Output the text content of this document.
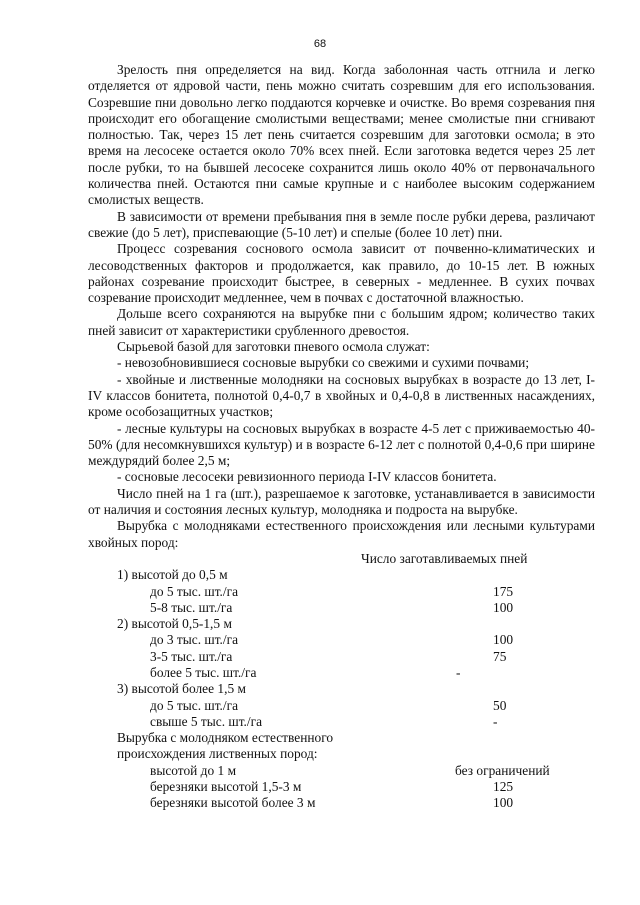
68

Зрелость пня определяется на вид. Когда заболонная часть отгнила и легко отделяется от ядровой части, пень можно считать созревшим для его использования. Созревшие пни довольно легко поддаются корчевке и очистке. Во время созревания пня происходит его обогащение смолистыми веществами; менее смолистые пни сгнивают полностью. Так, через 15 лет пень считается созревшим для заготовки осмола; в это время на лесосеке остается около 70% всех пней. Если заготовка ведется через 25 лет после рубки, то на бывшей лесосеке сохранится лишь около 40% от первоначального количества пней. Остаются пни самые крупные и с наиболее высоким содержанием смолистых веществ.

В зависимости от времени пребывания пня в земле после рубки дерева, различают свежие (до 5 лет), приспевающие (5-10 лет) и спелые (более 10 лет) пни.

Процесс созревания соснового осмола зависит от почвенно-климатических и лесоводственных факторов и продолжается, как правило, до 10-15 лет. В южных районах созревание происходит быстрее, в северных - медленнее. В сухих почвах созревание происходит медленнее, чем в почвах с достаточной влажностью.

Дольше всего сохраняются на вырубке пни с большим ядром; количество таких пней зависит от характеристики срубленного древостоя.

Сырьевой базой для заготовки пневого осмола служат:

- невозобновившиеся сосновые вырубки со свежими и сухими почвами;

- хвойные и лиственные молодняки на сосновых вырубках в возрасте до 13 лет, I-IV классов бонитета, полнотой 0,4-0,7 в хвойных и 0,4-0,8 в лиственных насаждениях, кроме особозащитных участков;

- лесные культуры на сосновых вырубках в возрасте 4-5 лет с приживаемостью 40-50% (для несомкнувшихся культур) и в возрасте 6-12 лет с полнотой 0,4-0,6 при ширине междурядий более 2,5 м;

- сосновые лесосеки ревизионного периода I-IV классов бонитета.

Число пней на 1 га (шт.), разрешаемое к заготовке, устанавливается в зависимости от наличия и состояния лесных культур, молодняка и подроста на вырубке.

Вырубка с молодняками естественного происхождения или лесными культурами хвойных пород:

Число заготавливаемых пней
1) высотой до 0,5 м
до 5 тыс. шт./га	175
5-8 тыс. шт./га	100
2) высотой 0,5-1,5 м
до 3 тыс. шт./га	100
3-5 тыс. шт./га	75
более 5 тыс. шт./га	-
3) высотой более 1,5 м
до 5 тыс. шт./га	50
свыше 5 тыс. шт./га	-
Вырубка с молодняком естественного
происхождения лиственных пород:
высотой до 1 м	без ограничений
березняки высотой 1,5-3 м	125
березняки высотой более 3 м	100
